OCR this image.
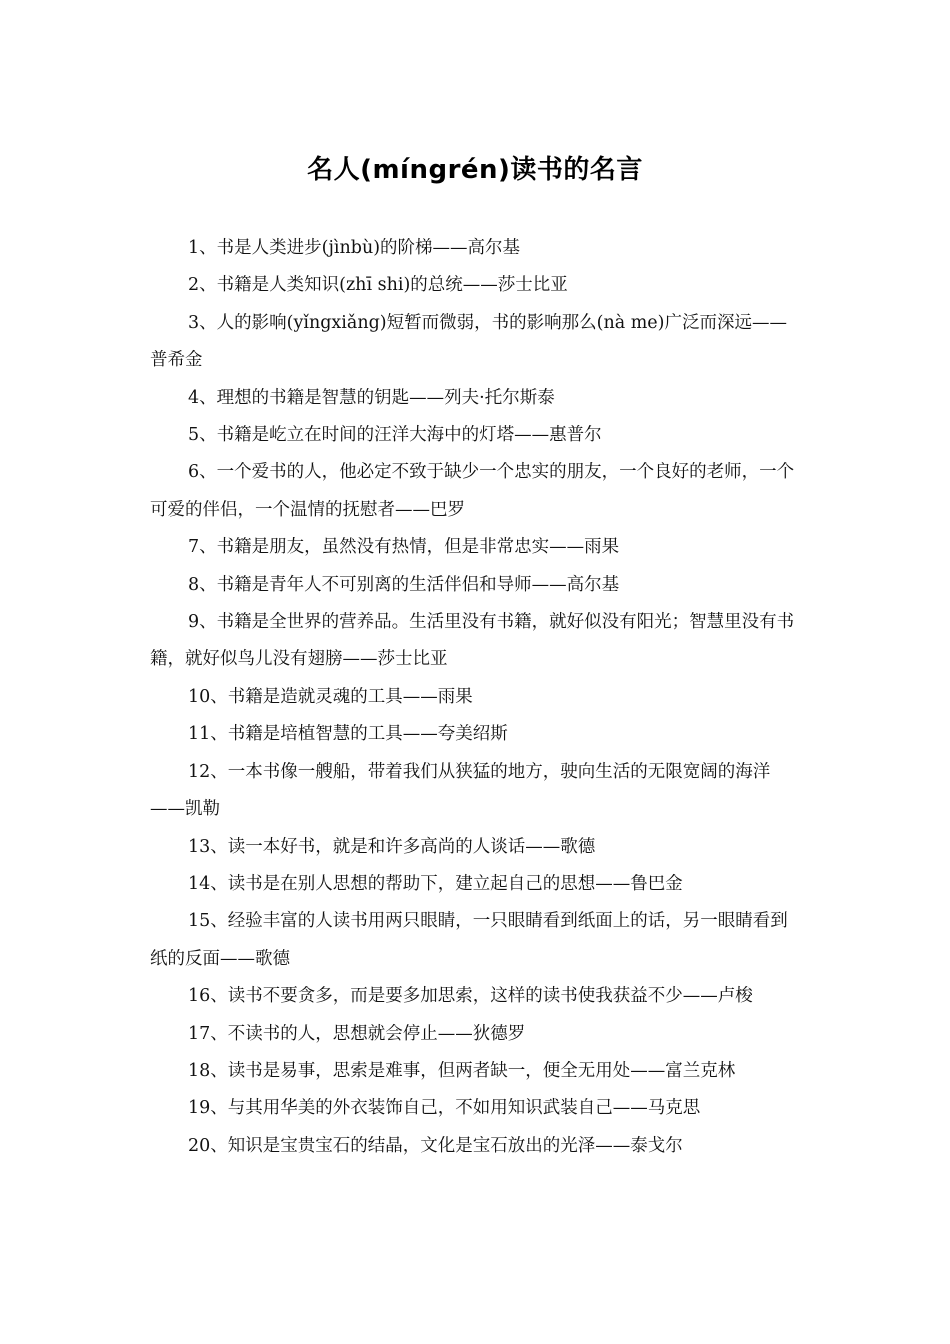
名人(míngrén)读书的名言
1、书是人类进步(jìnbù)的阶梯——高尔基
2、书籍是人类知识(zhī shi)的总统——莎士比亚
3、人的影响(yǐngxiǎng)短暂而微弱，书的影响那么(nà me)广泛而深远——普希金
4、理想的书籍是智慧的钥匙——列夫·托尔斯泰
5、书籍是屹立在时间的汪洋大海中的灯塔——惠普尔
6、一个爱书的人，他必定不致于缺少一个忠实的朋友，一个良好的老师，一个可爱的伴侣，一个温情的抚慰者——巴罗
7、书籍是朋友，虽然没有热情，但是非常忠实——雨果
8、书籍是青年人不可别离的生活伴侣和导师——高尔基
9、书籍是全世界的营养品。生活里没有书籍，就好似没有阳光；智慧里没有书籍，就好似鸟儿没有翅膀——莎士比亚
10、书籍是造就灵魂的工具——雨果
11、书籍是培植智慧的工具——夸美绍斯
12、一本书像一艘船，带着我们从狭猛的地方，驶向生活的无限宽阔的海洋——凯勒
13、读一本好书，就是和许多高尚的人谈话——歌德
14、读书是在别人思想的帮助下，建立起自己的思想——鲁巴金
15、经验丰富的人读书用两只眼睛，一只眼睛看到纸面上的话，另一眼睛看到纸的反面——歌德
16、读书不要贪多，而是要多加思索，这样的读书使我获益不少——卢梭
17、不读书的人，思想就会停止——狄德罗
18、读书是易事，思索是难事，但两者缺一，便全无用处——富兰克林
19、与其用华美的外衣装饰自己，不如用知识武装自己——马克思
20、知识是宝贵宝石的结晶，文化是宝石放出的光泽——泰戈尔
